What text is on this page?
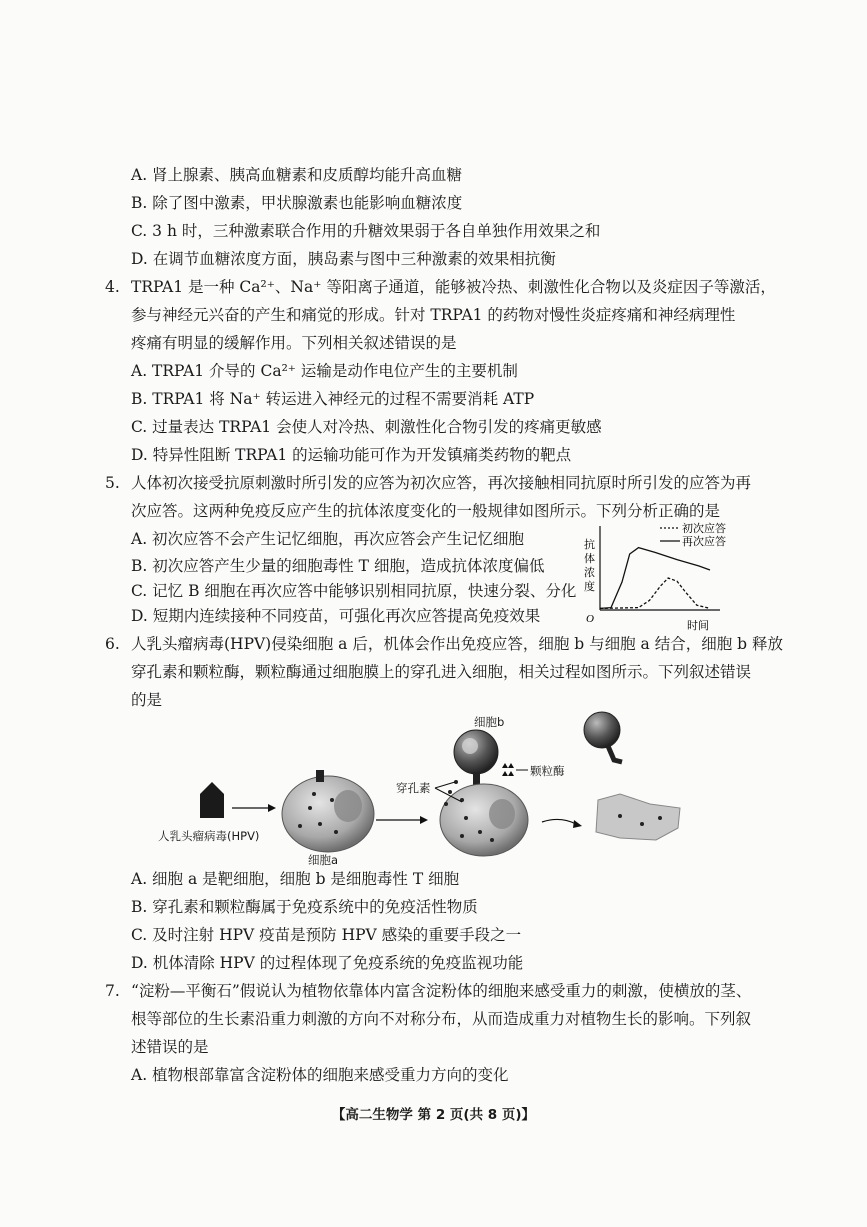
A. 肾上腺素、胰高血糖素和皮质醇均能升高血糖
B. 除了图中激素，甲状腺激素也能影响血糖浓度
C. 3 h 时，三种激素联合作用的升糖效果弱于各自单独作用效果之和
D. 在调节血糖浓度方面，胰岛素与图中三种激素的效果相抗衡
4. TRPA1 是一种 Ca²⁺、Na⁺ 等阳离子通道，能够被冷热、刺激性化合物以及炎症因子等激活，
参与神经元兴奋的产生和痛觉的形成。针对 TRPA1 的药物对慢性炎症疼痛和神经病理性
疼痛有明显的缓解作用。下列相关叙述错误的是
A. TRPA1 介导的 Ca²⁺ 运输是动作电位产生的主要机制
B. TRPA1 将 Na⁺ 转运进入神经元的过程不需要消耗 ATP
C. 过量表达 TRPA1 会使人对冷热、刺激性化合物引发的疼痛更敏感
D. 特异性阻断 TRPA1 的运输功能可作为开发镇痛类药物的靶点
5. 人体初次接受抗原刺激时所引发的应答为初次应答，再次接触相同抗原时所引发的应答为再
次应答。这两种免疫反应产生的抗体浓度变化的一般规律如图所示。下列分析正确的是
A. 初次应答不会产生记忆细胞，再次应答会产生记忆细胞
B. 初次应答产生少量的细胞毒性 T 细胞，造成抗体浓度偏低
C. 记忆 B 细胞在再次应答中能够识别相同抗原，快速分裂、分化
D. 短期内连续接种不同疫苗，可强化再次应答提高免疫效果	O	时间
抗
体
浓
度
初次应答
再次应答
6. 人乳头瘤病毒(HPV)侵染细胞 a 后，机体会作出免疫应答，细胞 b 与细胞 a 结合，细胞 b 释放
穿孔素和颗粒酶，颗粒酶通过细胞膜上的穿孔进入细胞，相关过程如图所示。下列叙述错误
的是
人乳头瘤病毒(HPV)
细胞a
细胞b
穿孔素
颗粒酶
A. 细胞 a 是靶细胞，细胞 b 是细胞毒性 T 细胞
B. 穿孔素和颗粒酶属于免疫系统中的免疫活性物质
C. 及时注射 HPV 疫苗是预防 HPV 感染的重要手段之一
D. 机体清除 HPV 的过程体现了免疫系统的免疫监视功能
7. “淀粉—平衡石”假说认为植物依靠体内富含淀粉体的细胞来感受重力的刺激，使横放的茎、
根等部位的生长素沿重力刺激的方向不对称分布，从而造成重力对植物生长的影响。下列叙
述错误的是
A. 植物根部靠富含淀粉体的细胞来感受重力方向的变化
【高二生物学 第 2 页(共 8 页)】
